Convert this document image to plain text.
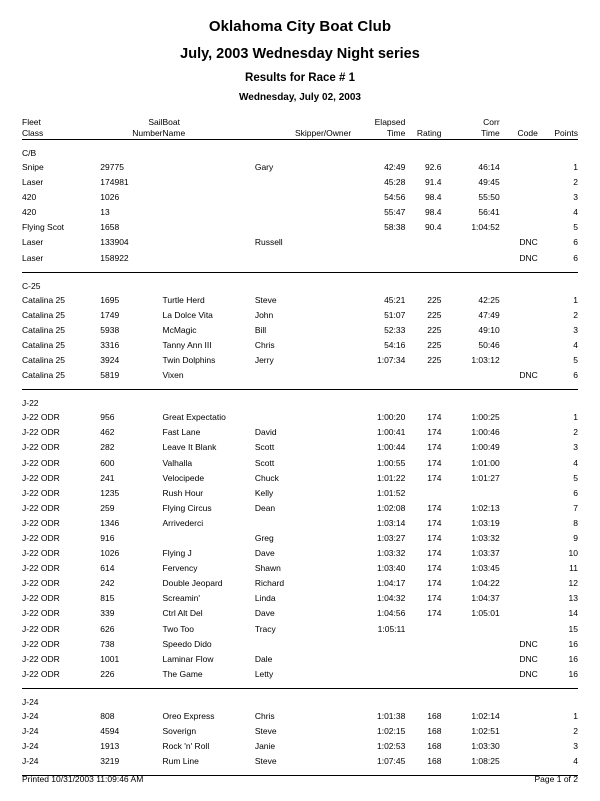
Oklahoma City Boat Club
July, 2003 Wednesday Night series
Results for Race # 1
Wednesday, July 02, 2003
Fleet	Sail	Boat		Elapsed		Corr		
Class	Number	Name	Skipper/Owner	Time	Rating	Time	Code	Points

C/B								
Snipe	29775		Gary	42:49	92.6	46:14		1
Laser	174981			45:28	91.4	49:45		2
420	1026			54:56	98.4	55:50		3
420	13			55:47	98.4	56:41		4
Flying Scot	1658			58:38	90.4	1:04:52		5
Laser	133904		Russell				DNC	6
Laser	158922						DNC	6

C-25								
Catalina 25	1695	Turtle Herd	Steve	45:21	225	42:25		1
Catalina 25	1749	La Dolce Vita	John	51:07	225	47:49		2
Catalina 25	5938	McMagic	Bill	52:33	225	49:10		3
Catalina 25	3316	Tanny Ann III	Chris	54:16	225	50:46		4
Catalina 25	3924	Twin Dolphins	Jerry	1:07:34	225	1:03:12		5
Catalina 25	5819	Vixen					DNC	6

J-22								
J-22 ODR	956	Great Expectatio		1:00:20	174	1:00:25		1
J-22 ODR	462	Fast Lane	David	1:00:41	174	1:00:46		2
J-22 ODR	282	Leave It Blank	Scott	1:00:44	174	1:00:49		3
J-22 ODR	600	Valhalla	Scott	1:00:55	174	1:01:00		4
J-22 ODR	241	Velocipede	Chuck	1:01:22	174	1:01:27		5
J-22 ODR	1235	Rush Hour	Kelly	1:01:52				6
J-22 ODR	259	Flying Circus	Dean	1:02:08	174	1:02:13		7
J-22 ODR	1346	Arrivederci		1:03:14	174	1:03:19		8
J-22 ODR	916		Greg	1:03:27	174	1:03:32		9
J-22 ODR	1026	Flying J	Dave	1:03:32	174	1:03:37		10
J-22 ODR	614	Fervency	Shawn	1:03:40	174	1:03:45		11
J-22 ODR	242	Double Jeopard	Richard	1:04:17	174	1:04:22		12
J-22 ODR	815	Screamin'	Linda	1:04:32	174	1:04:37		13
J-22 ODR	339	Ctrl Alt Del	Dave	1:04:56	174	1:05:01		14
J-22 ODR	626	Two Too	Tracy	1:05:11				15
J-22 ODR	738	Speedo Dido					DNC	16
J-22 ODR	1001	Laminar Flow	Dale				DNC	16
J-22 ODR	226	The Game	Letty				DNC	16

J-24								
J-24	808	Oreo Express	Chris	1:01:38	168	1:02:14		1
J-24	4594	Soverign	Steve	1:02:15	168	1:02:51		2
J-24	1913	Rock 'n' Roll	Janie	1:02:53	168	1:03:30		3
J-24	3219	Rum Line	Steve	1:07:45	168	1:08:25		4

Printed 10/31/2003 11:09:46 AM	Page 1 of 2
